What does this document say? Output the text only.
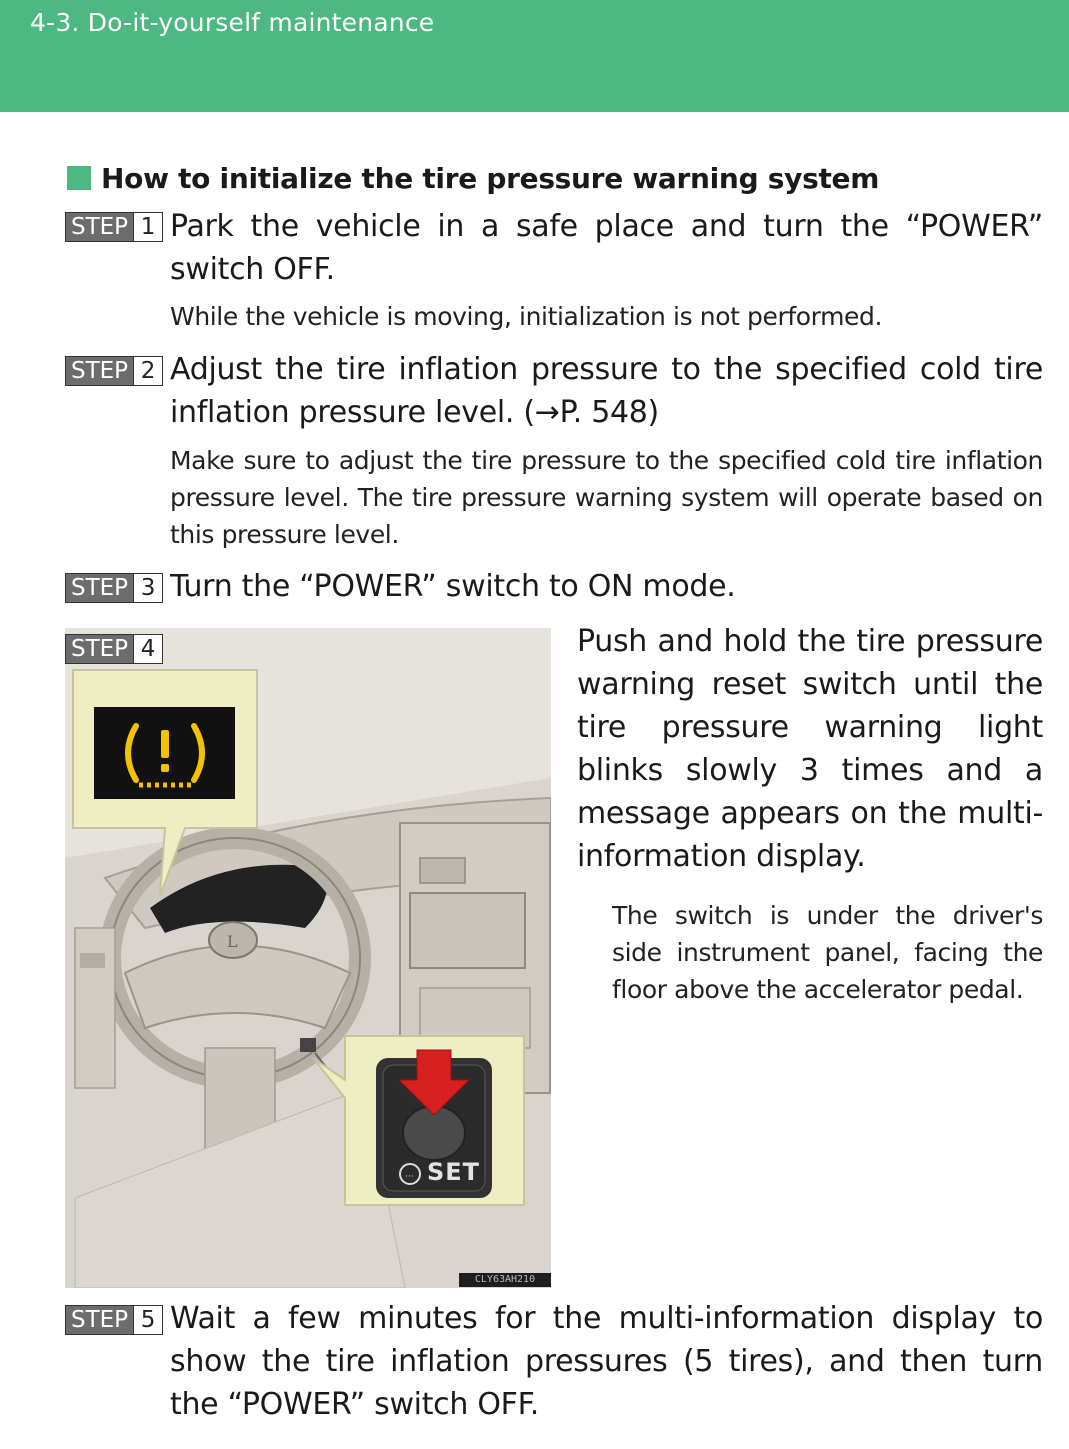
4-3. Do-it-yourself maintenance
How to initialize the tire pressure warning system
STEP 1 Park the vehicle in a safe place and turn the “POWER” switch OFF.
While the vehicle is moving, initialization is not performed.
STEP 2 Adjust the tire inflation pressure to the specified cold tire inflation pressure level. (→P. 548)
Make sure to adjust the tire pressure to the specified cold tire inflation pressure level. The tire pressure warning system will operate based on this pressure level.
STEP 3 Turn the “POWER” switch to ON mode.
L
··· SET
CLY63AH210
STEP 4	Push and hold the tire pressure warning reset switch until the tire pressure warning light blinks slowly 3 times and a message appears on the multi-information display.
The switch is under the driver's side instrument panel, facing the floor above the accelerator pedal.
STEP 5 Wait a few minutes for the multi-information display to show the tire inflation pressures (5 tires), and then turn the “POWER” switch OFF.
